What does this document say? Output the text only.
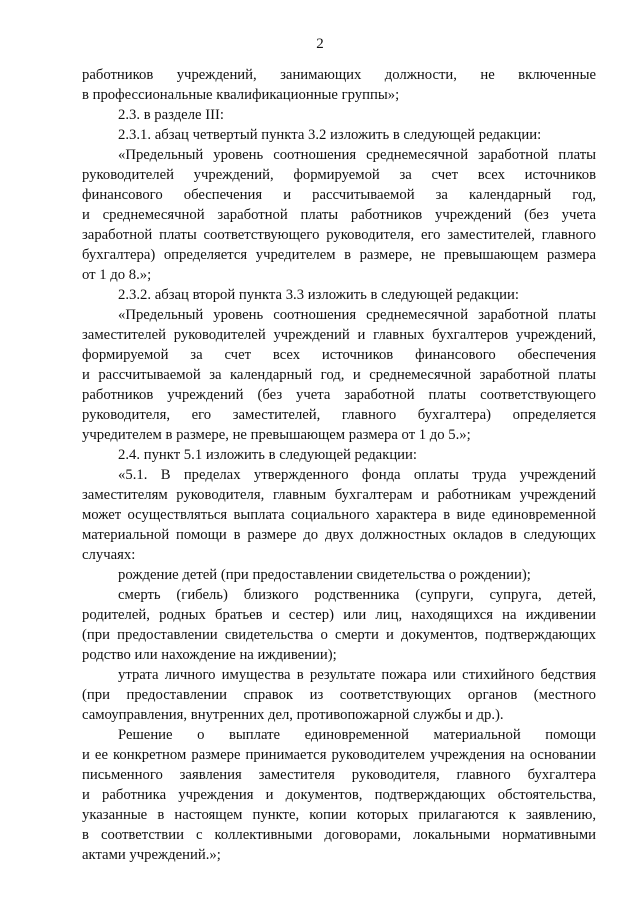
2
работников учреждений, занимающих должности, не включенные
в профессиональные квалификационные группы»;
2.3. в разделе III:
2.3.1. абзац четвертый пункта 3.2 изложить в следующей редакции:
«Предельный уровень соотношения среднемесячной заработной платы
руководителей учреждений, формируемой за счет всех источников
финансового обеспечения и рассчитываемой за календарный год,
и среднемесячной заработной платы работников учреждений (без учета
заработной платы соответствующего руководителя, его заместителей, главного
бухгалтера) определяется учредителем в размере, не превышающем размера
от 1 до 8.»;
2.3.2. абзац второй пункта 3.3 изложить в следующей редакции:
«Предельный уровень соотношения среднемесячной заработной платы
заместителей руководителей учреждений и главных бухгалтеров учреждений,
формируемой за счет всех источников финансового обеспечения
и рассчитываемой за календарный год, и среднемесячной заработной платы
работников учреждений (без учета заработной платы соответствующего
руководителя, его заместителей, главного бухгалтера) определяется
учредителем в размере, не превышающем размера от 1 до 5.»;
2.4. пункт 5.1 изложить в следующей редакции:
«5.1. В пределах утвержденного фонда оплаты труда учреждений
заместителям руководителя, главным бухгалтерам и работникам учреждений
может осуществляться выплата социального характера в виде единовременной
материальной помощи в размере до двух должностных окладов в следующих
случаях:
рождение детей (при предоставлении свидетельства о рождении);
смерть (гибель) близкого родственника (супруги, супруга, детей,
родителей, родных братьев и сестер) или лиц, находящихся на иждивении
(при предоставлении свидетельства о смерти и документов, подтверждающих
родство или нахождение на иждивении);
утрата личного имущества в результате пожара или стихийного бедствия
(при предоставлении справок из соответствующих органов (местного
самоуправления, внутренних дел, противопожарной службы и др.).
Решение о выплате единовременной материальной помощи
и ее конкретном размере принимается руководителем учреждения на основании
письменного заявления заместителя руководителя, главного бухгалтера
и работника учреждения и документов, подтверждающих обстоятельства,
указанные в настоящем пункте, копии которых прилагаются к заявлению,
в соответствии с коллективными договорами, локальными нормативными
актами учреждений.»;
